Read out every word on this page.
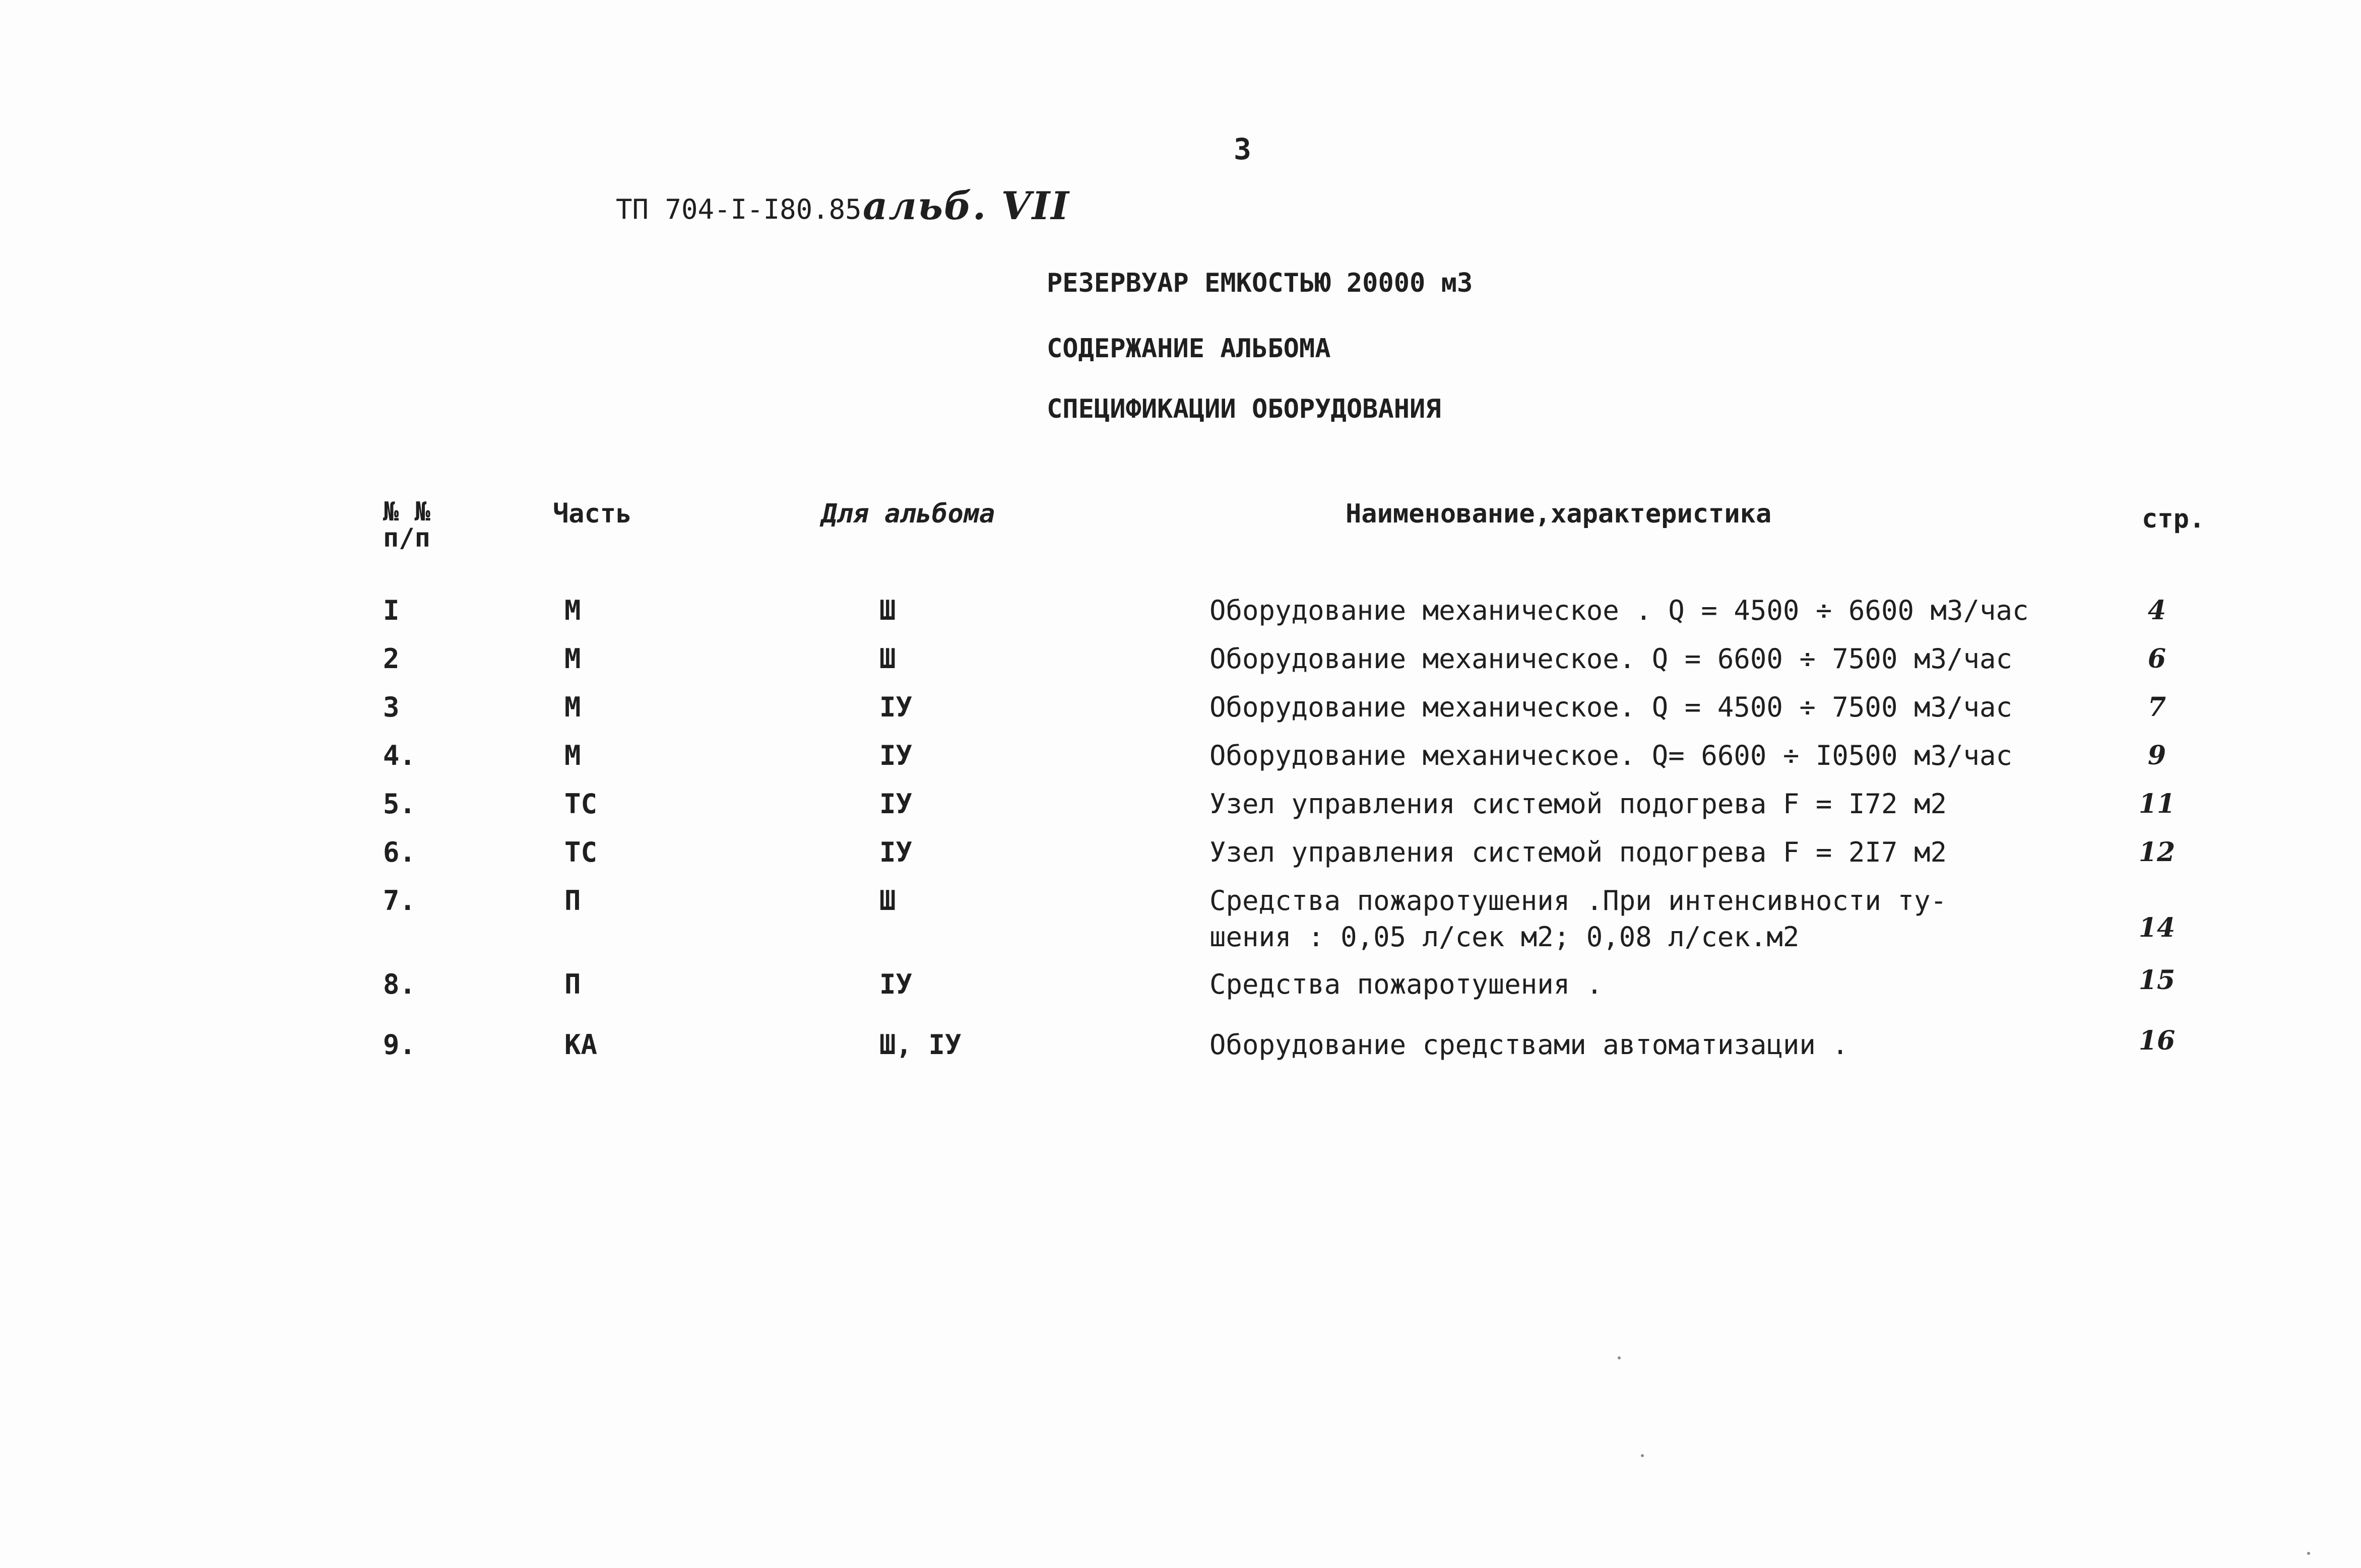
3
ТП 704-I-I80.85 альб. VII
РЕЗЕРВУАР ЕМКОСТЬЮ 20000 м3
СОДЕРЖАНИЕ АЛЬБОМА
СПЕЦИФИКАЦИИ ОБОРУДОВАНИЯ
№ №
п/п
Часть	Для альбома	Наименование,характеристика	стр.
I	М	Ш	Оборудование механическое . Q = 4500 ÷ 6600 м3/час	4
2	М	Ш	Оборудование механическое. Q = 6600 ÷ 7500 м3/час	6
3	М	IУ	Оборудование механическое. Q = 4500 ÷ 7500 м3/час	7
4.	М	IУ	Оборудование механическое. Q= 6600 ÷ I0500 м3/час	9
5.	ТС	IУ	Узел управления системой подогрева F = I72 м2	11
6.	ТС	IУ	Узел управления системой подогрева F = 2I7 м2	12
7.	П	Ш	Средства пожаротушения .При интенсивности ту-
шения : 0,05 л/сек м2; 0,08 л/сек.м2	14
8.	П	IУ	Средства пожаротушения .	15
9.	КА	Ш, IУ	Оборудование средствами автоматизации .	16
